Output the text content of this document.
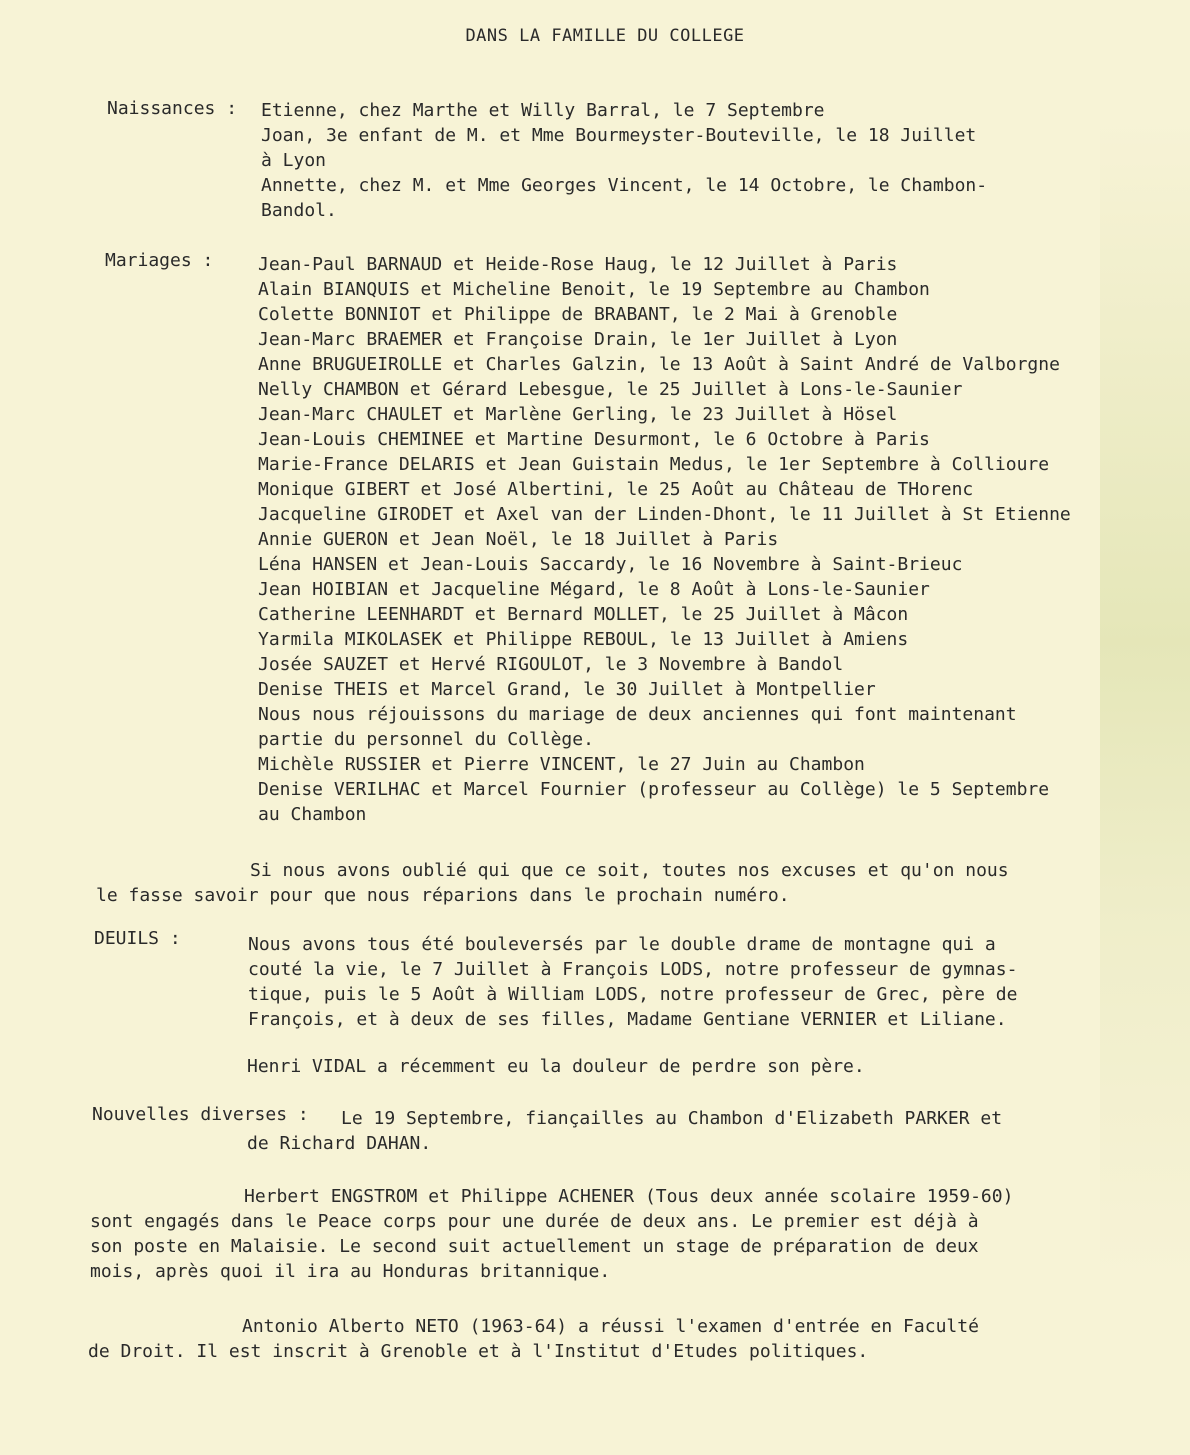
DANS LA FAMILLE DU COLLEGE
Naissances : Etienne, chez Marthe et Willy Barral, le 7 Septembre
Joan, 3e enfant de M. et Mme Bourmeyster-Bouteville, le 18 Juillet
à Lyon
Annette, chez M. et Mme Georges Vincent, le 14 Octobre, le Chambon-
Bandol.
Mariages : Jean-Paul BARNAUD et Heide-Rose Haug, le 12 Juillet à Paris
Alain BIANQUIS et Micheline Benoit, le 19 Septembre au Chambon
Colette BONNIOT et Philippe de BRABANT, le 2 Mai à Grenoble
Jean-Marc BRAEMER et Françoise Drain, le 1er Juillet à Lyon
Anne BRUGUEIROLLE et Charles Galzin, le 13 Août à Saint André de Valborgne
Nelly CHAMBON et Gérard Lebesgue, le 25 Juillet à Lons-le-Saunier
Jean-Marc CHAULET et Marlène Gerling, le 23 Juillet à Hösel
Jean-Louis CHEMINEE et Martine Desurmont, le 6 Octobre à Paris
Marie-France DELARIS et Jean Guistain Medus, le 1er Septembre à Collioure
Monique GIBERT et José Albertini, le 25 Août au Château de THorenc
Jacqueline GIRODET et Axel van der Linden-Dhont, le 11 Juillet à St Etienne
Annie GUERON et Jean Noël, le 18 Juillet à Paris
Léna HANSEN et Jean-Louis Saccardy, le 16 Novembre à Saint-Brieuc
Jean HOIBIAN et Jacqueline Mégard, le 8 Août à Lons-le-Saunier
Catherine LEENHARDT et Bernard MOLLET, le 25 Juillet à Mâcon
Yarmila MIKOLASEK et Philippe REBOUL, le 13 Juillet à Amiens
Josée SAUZET et Hervé RIGOULOT, le 3 Novembre à Bandol
Denise THEIS et Marcel Grand, le 30 Juillet à Montpellier
Nous nous réjouissons du mariage de deux anciennes qui font maintenant
partie du personnel du Collège.
Michèle RUSSIER et Pierre VINCENT, le 27 Juin au Chambon
Denise VERILHAC et Marcel Fournier (professeur au Collège) le 5 Septembre
au Chambon
Si nous avons oublié qui que ce soit, toutes nos excuses et qu'on nous
le fasse savoir pour que nous réparions dans le prochain numéro.
DEUILS :	Nous avons tous été bouleversés par le double drame de montagne qui a
couté la vie, le 7 Juillet à François LODS, notre professeur de gymnas-
tique, puis le 5 Août à William LODS, notre professeur de Grec, père de
François, et à deux de ses filles, Madame Gentiane VERNIER et Liliane.
Henri VIDAL a récemment eu la douleur de perdre son père.
Nouvelles diverses : Le 19 Septembre, fiançailles au Chambon d'Elizabeth PARKER et
de Richard DAHAN.
Herbert ENGSTROM et Philippe ACHENER (Tous deux année scolaire 1959-60)
sont engagés dans le Peace corps pour une durée de deux ans. Le premier est déjà à
son poste en Malaisie. Le second suit actuellement un stage de préparation de deux
mois, après quoi il ira au Honduras britannique.
Antonio Alberto NETO (1963-64) a réussi l'examen d'entrée en Faculté
de Droit. Il est inscrit à Grenoble et à l'Institut d'Etudes politiques.
